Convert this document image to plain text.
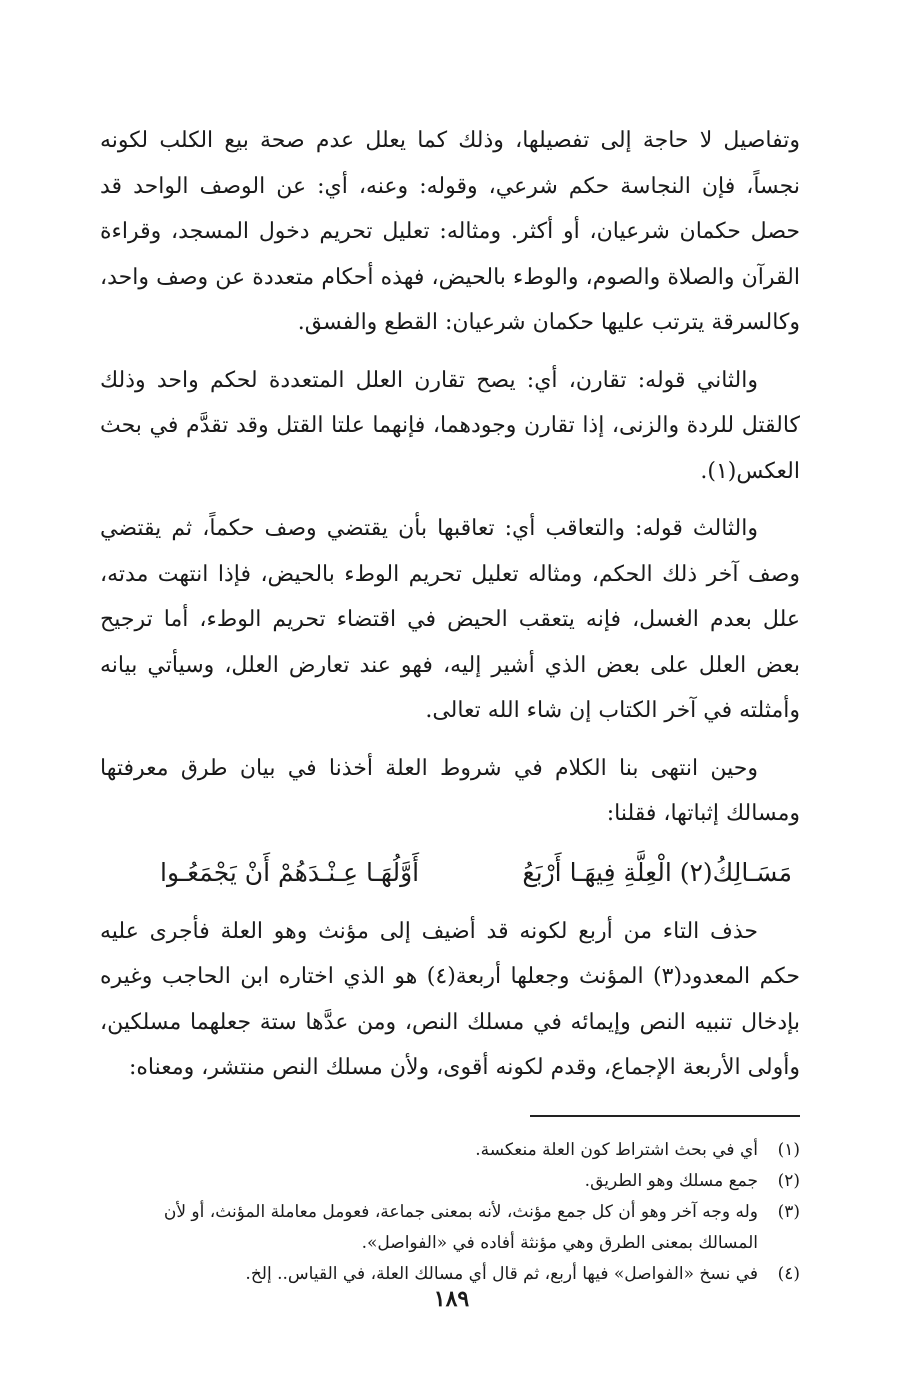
وتفاصيل لا حاجة إلى تفصيلها، وذلك كما يعلل عدم صحة بيع الكلب لكونه نجساً، فإن النجاسة حكم شرعي، وقوله: وعنه، أي: عن الوصف الواحد قد حصل حكمان شرعيان، أو أكثر. ومثاله: تعليل تحريم دخول المسجد، وقراءة القرآن والصلاة والصوم، والوطء بالحيض، فهذه أحكام متعددة عن وصف واحد، وكالسرقة يترتب عليها حكمان شرعيان: القطع والفسق.

والثاني قوله: تقارن، أي: يصح تقارن العلل المتعددة لحكم واحد وذلك كالقتل للردة والزنى، إذا تقارن وجودهما، فإنهما علتا القتل وقد تقدَّم في بحث العكس(١).

والثالث قوله: والتعاقب أي: تعاقبها بأن يقتضي وصف حكماً، ثم يقتضي وصف آخر ذلك الحكم، ومثاله تعليل تحريم الوطء بالحيض، فإذا انتهت مدته، علل بعدم الغسل، فإنه يتعقب الحيض في اقتضاء تحريم الوطء، أما ترجيح بعض العلل على بعض الذي أشير إليه، فهو عند تعارض العلل، وسيأتي بيانه وأمثلته في آخر الكتاب إن شاء الله تعالى.

وحين انتهى بنا الكلام في شروط العلة أخذنا في بيان طرق معرفتها ومسالك إثباتها، فقلنا:

مَسَـالِكُ(٢) الْعِلَّةِ فِيهَـا أَرْبَعُ
أَوَّلُهَـا عِـنْـدَهُمْ أَنْ يَجْمَعُـوا

حذف التاء من أربع لكونه قد أضيف إلى مؤنث وهو العلة فأجرى عليه حكم المعدود(٣) المؤنث وجعلها أربعة(٤) هو الذي اختاره ابن الحاجب وغيره بإدخال تنبيه النص وإيمائه في مسلك النص، ومن عدَّها ستة جعلهما مسلكين، وأولى الأربعة الإجماع، وقدم لكونه أقوى، ولأن مسلك النص منتشر، ومعناه:

(١)
أي في بحث اشتراط كون العلة منعكسة.
(٢)
جمع مسلك وهو الطريق.
(٣)
وله وجه آخر وهو أن كل جمع مؤنث، لأنه بمعنى جماعة، فعومل معاملة المؤنث، أو لأن المسالك بمعنى الطرق وهي مؤنثة أفاده في «الفواصل».
(٤)
في نسخ «الفواصل» فيها أربع، ثم قال أي مسالك العلة، في القياس.. إلخ.
١٨٩
